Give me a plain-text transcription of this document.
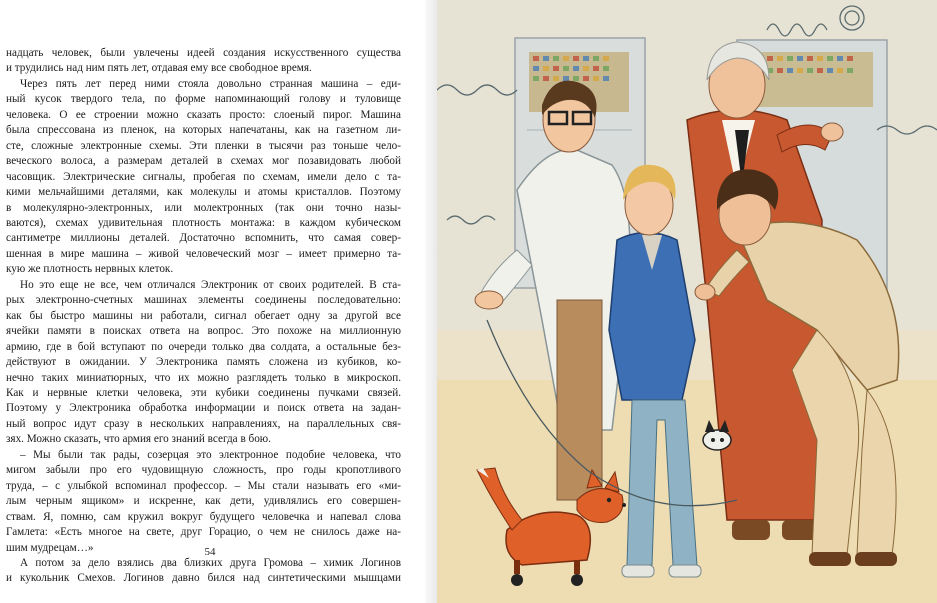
надцать человек, были увлечены идеей создания искусственного существа
и трудились над ним пять лет, отдавая ему все свободное время.
Через пять лет перед ними стояла довольно странная машина – еди-
ный кусок твердого тела, по форме напоминающий голову и туловище
человека. О ее строении можно сказать просто: слоеный пирог. Машина
была спрессована из пленок, на которых напечатаны, как на газетном ли-
сте, сложные электронные схемы. Эти пленки в тысячи раз тоньше чело-
веческого волоса, а размерам деталей в схемах мог позавидовать любой
часовщик. Электрические сигналы, пробегая по схемам, имели дело с та-
кими мельчайшими деталями, как молекулы и атомы кристаллов. Поэтому
в молекулярно-электронных, или молектронных (так они точно назы-
ваются), схемах удивительная плотность монтажа: в каждом кубическом
сантиметре миллионы деталей. Достаточно вспомнить, что самая совер-
шенная в мире машина – живой человеческий мозг – имеет примерно та-
кую же плотность нервных клеток.
Но это еще не все, чем отличался Электроник от своих родителей. В ста-
рых электронно-счетных машинах элементы соединены последовательно:
как бы быстро машины ни работали, сигнал обегает одну за другой все
ячейки памяти в поисках ответа на вопрос. Это похоже на миллионную
армию, где в бой вступают по очереди только два солдата, а остальные без-
действуют в ожидании. У Электроника память сложена из кубиков, ко-
нечно таких миниатюрных, что их можно разглядеть только в микроскоп.
Как и нервные клетки человека, эти кубики соединены пучками связей.
Поэтому у Электроника обработка информации и поиск ответа на задан-
ный вопрос идут сразу в нескольких направлениях, на параллельных свя-
зях. Можно сказать, что армия его знаний всегда в бою.
– Мы были так рады, созерцая это электронное подобие человека, что
мигом забыли про его чудовищную сложность, про годы кропотливого
труда, – с улыбкой вспоминал профессор. – Мы стали называть его «ми-
лым черным ящиком» и искренне, как дети, удивлялись его совершен-
ствам. Я, помню, сам кружил вокруг будущего человечка и напевал слова
Гамлета: «Есть многое на свете, друг Горацио, о чем не снилось даже на-
шим мудрецам…»
А потом за дело взялись два близких друга Громова – химик Логинов
и кукольник Смехов. Логинов давно бился над синтетическими мышцами
54
